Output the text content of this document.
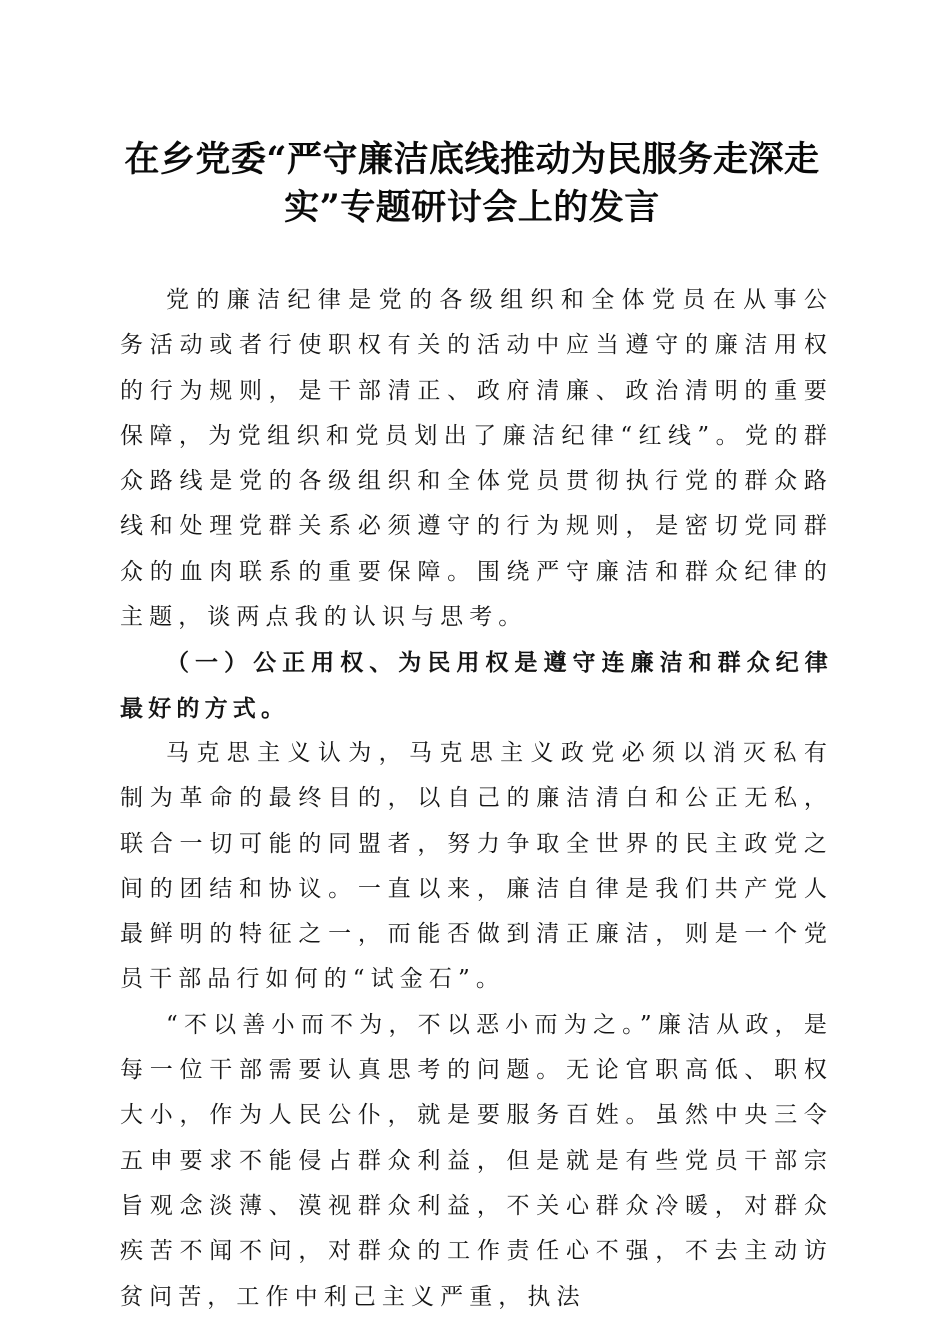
在乡党委“严守廉洁底线推动为民服务走深走实”专题研讨会上的发言

党的廉洁纪律是党的各级组织和全体党员在从事公务活动或者行使职权有关的活动中应当遵守的廉洁用权的行为规则，是干部清正、政府清廉、政治清明的重要保障，为党组织和党员划出了廉洁纪律“红线”。党的群众路线是党的各级组织和全体党员贯彻执行党的群众路线和处理党群关系必须遵守的行为规则，是密切党同群众的血肉联系的重要保障。围绕严守廉洁和群众纪律的主题，谈两点我的认识与思考。

（一）公正用权、为民用权是遵守连廉洁和群众纪律最好的方式。

马克思主义认为，马克思主义政党必须以消灭私有制为革命的最终目的，以自己的廉洁清白和公正无私，联合一切可能的同盟者，努力争取全世界的民主政党之间的团结和协议。一直以来，廉洁自律是我们共产党人最鲜明的特征之一，而能否做到清正廉洁，则是一个党员干部品行如何的“试金石”。

“不以善小而不为，不以恶小而为之。”廉洁从政，是每一位干部需要认真思考的问题。无论官职高低、职权大小，作为人民公仆，就是要服务百姓。虽然中央三令五申要求不能侵占群众利益，但是就是有些党员干部宗旨观念淡薄、漠视群众利益，不关心群众冷暖，对群众疾苦不闻不问，对群众的工作责任心不强，不去主动访贫问苦，工作中利己主义严重，执法
